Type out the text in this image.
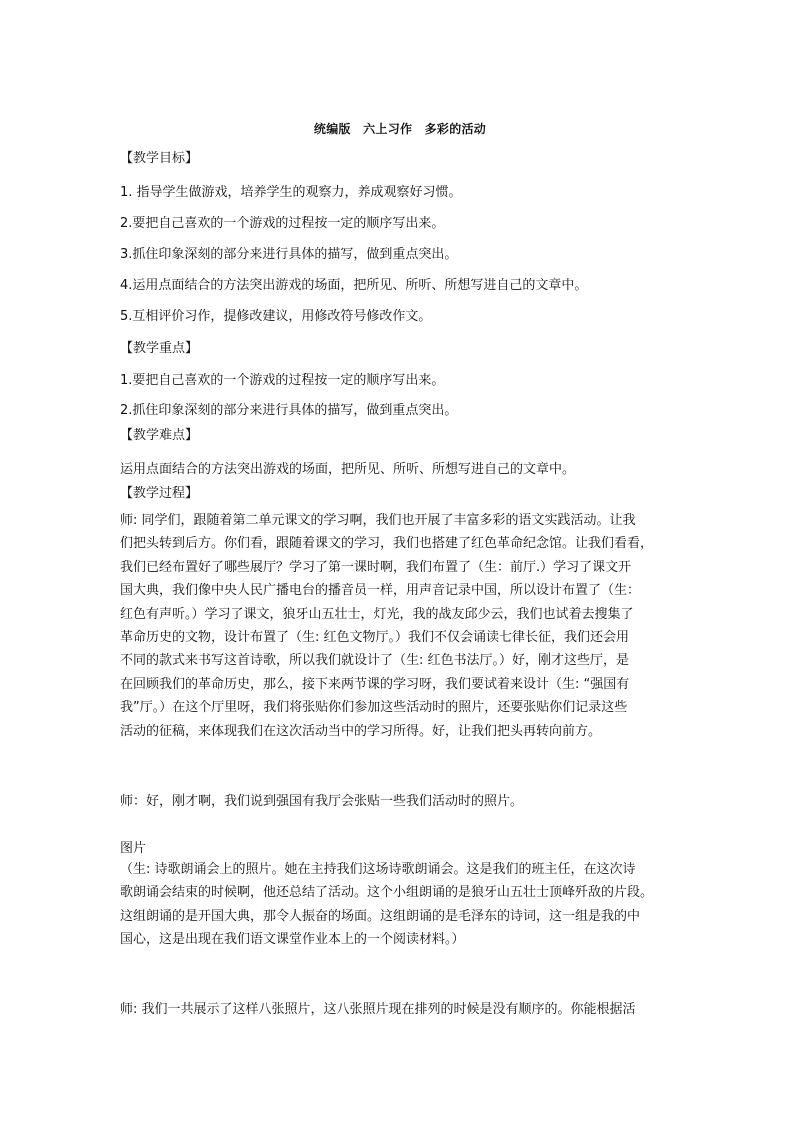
统编版　六上习作　多彩的活动
【教学目标】
1. 指导学生做游戏，培养学生的观察力，养成观察好习惯。
2.要把自己喜欢的一个游戏的过程按一定的顺序写出来。
3.抓住印象深刻的部分来进行具体的描写，做到重点突出。
4.运用点面结合的方法突出游戏的场面，把所见、所听、所想写进自己的文章中。
5.互相评价习作，提修改建议，用修改符号修改作文。
【教学重点】
1.要把自己喜欢的一个游戏的过程按一定的顺序写出来。
2.抓住印象深刻的部分来进行具体的描写，做到重点突出。
【教学难点】
运用点面结合的方法突出游戏的场面，把所见、所听、所想写进自己的文章中。
【教学过程】

师: 同学们，跟随着第二单元课文的学习啊，我们也开展了丰富多彩的语文实践活动。让我

们把头转到后方。你们看，跟随着课文的学习，我们也搭建了红色革命纪念馆。让我们看看，

我们已经布置好了哪些展厅？学习了第一课时啊，我们布置了（生：前厅.）学习了课文开

国大典，我们像中央人民广播电台的播音员一样，用声音记录中国，所以设计布置了（生：

红色有声听。）学习了课文，狼牙山五壮士，灯光，我的战友邱少云，我们也试着去搜集了

革命历史的文物，设计布置了（生: 红色文物厅。）我们不仅会诵读七律长征，我们还会用

不同的款式来书写这首诗歌，所以我们就设计了（生: 红色书法厅。）好，刚才这些厅，是

在回顾我们的革命历史，那么，接下来两节课的学习呀，我们要试着来设计（生: “强国有

我”厅。）在这个厅里呀，我们将张贴你们参加这些活动时的照片，还要张贴你们记录这些

活动的征稿，来体现我们在这次活动当中的学习所得。好，让我们把头再转向前方。

师：好，刚才啊，我们说到强国有我厅会张贴一些我们活动时的照片。
图片

（生: 诗歌朗诵会上的照片。她在主持我们这场诗歌朗诵会。这是我们的班主任，在这次诗

歌朗诵会结束的时候啊，他还总结了活动。这个小组朗诵的是狼牙山五壮士顶峰歼敌的片段。

这组朗诵的是开国大典，那令人振奋的场面。这组朗诵的是毛泽东的诗词，这一组是我的中

国心，这是出现在我们语文课堂作业本上的一个阅读材料。）

师: 我们一共展示了这样八张照片，这八张照片现在排列的时候是没有顺序的。你能根据活
